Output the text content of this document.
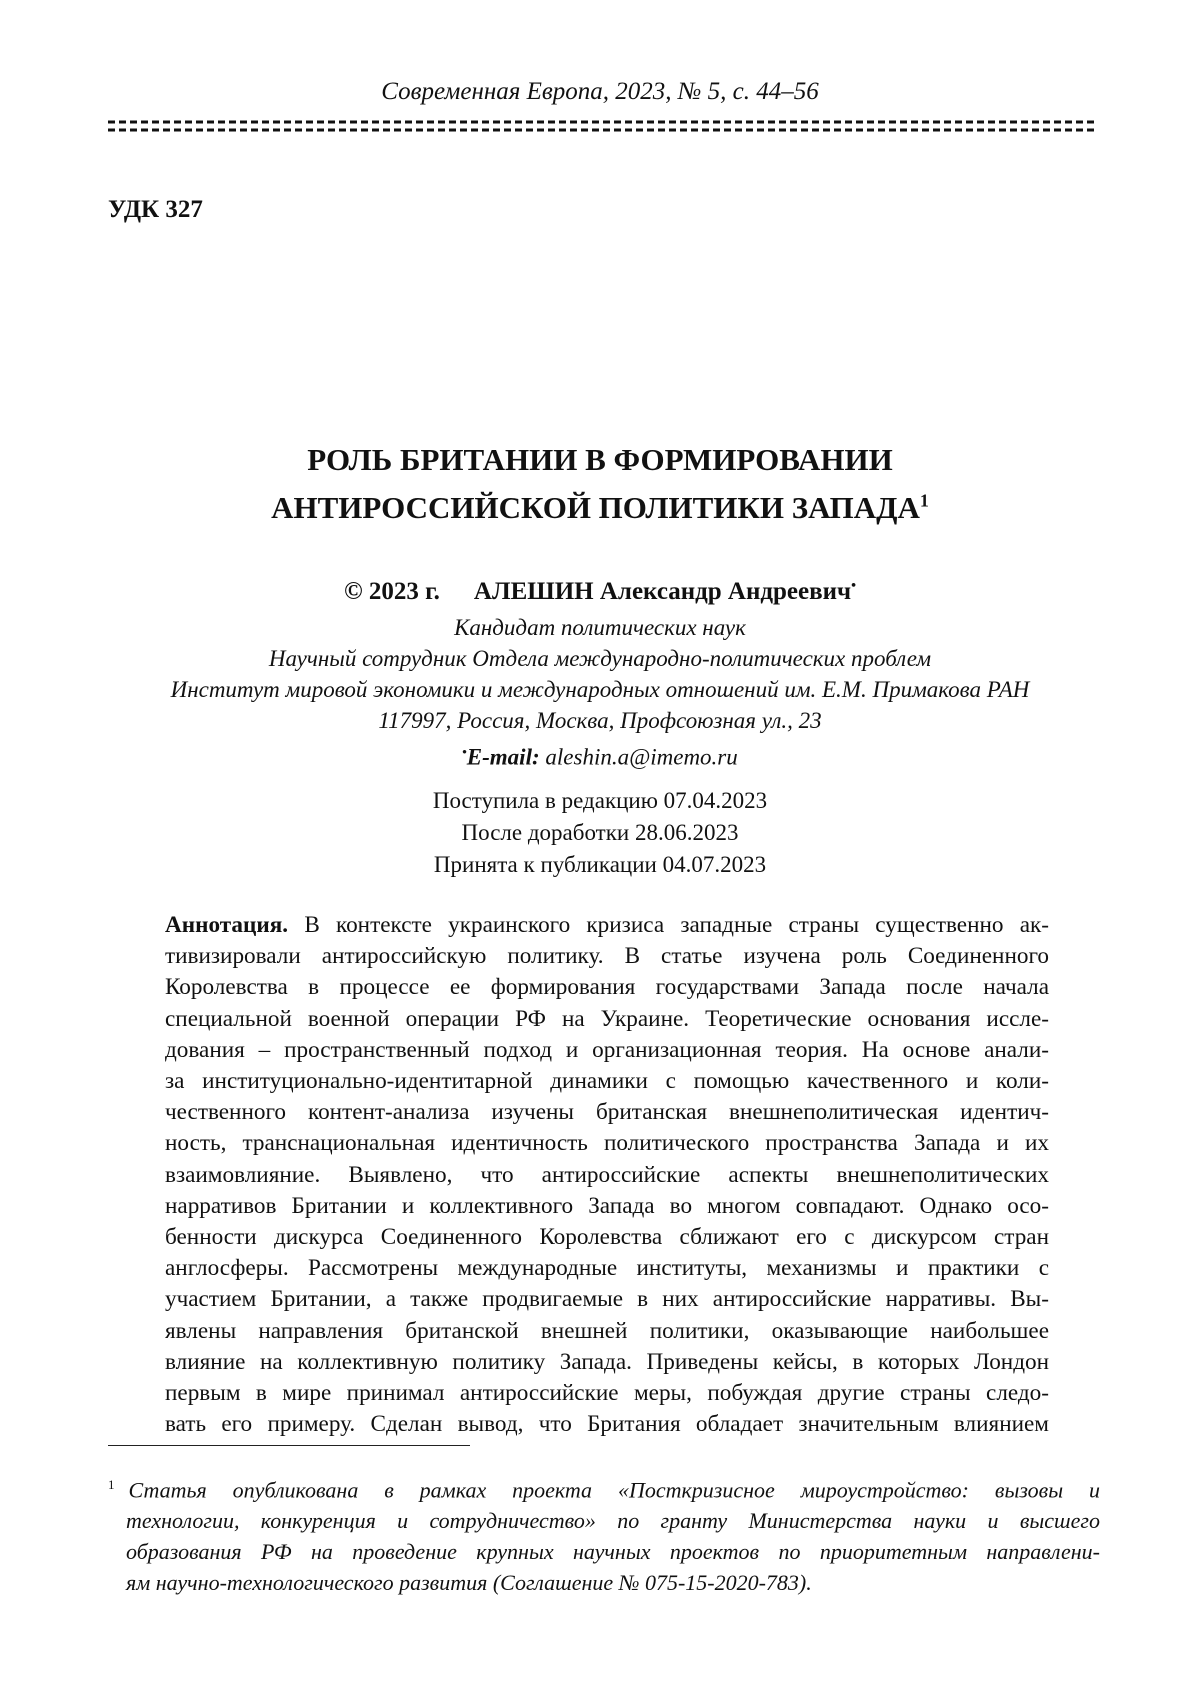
Современная Европа, 2023, № 5, с. 44–56
УДК 327
РОЛЬ БРИТАНИИ В ФОРМИРОВАНИИ
АНТИРОССИЙСКОЙ ПОЛИТИКИ ЗАПАДА$^1$
© 2023 г. АЛЕШИН Александр Андреевич•
Кандидат политических наук
Научный сотрудник Отдела международно-политических проблем
Институт мировой экономики и международных отношений им. Е.М. Примакова РАН
117997, Россия, Москва, Профсоюзная ул., 23
•E-mail: aleshin.a@imemo.ru
Поступила в редакцию 07.04.2023
После доработки 28.06.2023
Принята к публикации 04.07.2023
Аннотация. В контексте украинского кризиса западные страны существенно ак-
тивизировали антироссийскую политику. В статье изучена роль Соединенного
Королевства в процессе ее формирования государствами Запада после начала
специальной военной операции РФ на Украине. Теоретические основания иссле-
дования – пространственный подход и организационная теория. На основе анали-
за институционально-идентитарной динамики с помощью качественного и коли-
чественного контент-анализа изучены британская внешнеполитическая идентич-
ность, транснациональная идентичность политического пространства Запада и их
взаимовлияние. Выявлено, что антироссийские аспекты внешнеполитических
нарративов Британии и коллективного Запада во многом совпадают. Однако осо-
бенности дискурса Соединенного Королевства сближают его с дискурсом стран
англосферы. Рассмотрены международные институты, механизмы и практики с
участием Британии, а также продвигаемые в них антироссийские нарративы. Вы-
явлены направления британской внешней политики, оказывающие наибольшее
влияние на коллективную политику Запада. Приведены кейсы, в которых Лондон
первым в мире принимал антироссийские меры, побуждая другие страны следо-
вать его примеру. Сделан вывод, что Британия обладает значительным влиянием
$^1$ Статья опубликована в рамках проекта «Посткризисное мироустройство: вызовы и
технологии, конкуренция и сотрудничество» по гранту Министерства науки и высшего
образования РФ на проведение крупных научных проектов по приоритетным направлени-
ям научно-технологического развития (Соглашение № 075-15-2020-783).
